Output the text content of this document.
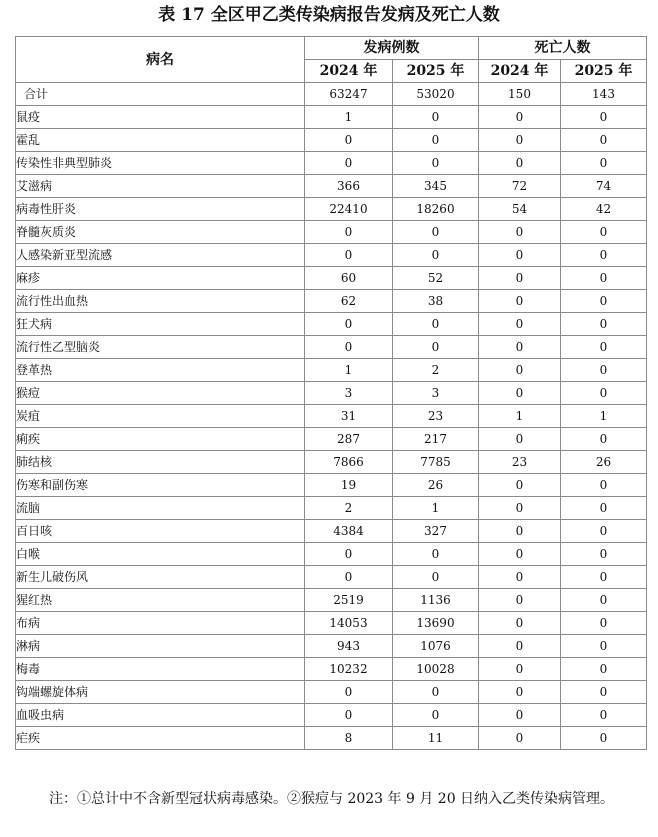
表 17 全区甲乙类传染病报告发病及死亡人数
病名	发病例数		死亡人数	
	2024 年	2025 年	2024 年	2025 年
合计	63247	53020	150	143
鼠疫	1	0	0	0
霍乱	0	0	0	0
传染性非典型肺炎	0	0	0	0
艾滋病	366	345	72	74
病毒性肝炎	22410	18260	54	42
脊髓灰质炎	0	0	0	0
人感染新亚型流感	0	0	0	0
麻疹	60	52	0	0
流行性出血热	62	38	0	0
狂犬病	0	0	0	0
流行性乙型脑炎	0	0	0	0
登革热	1	2	0	0
猴痘	3	3	0	0
炭疽	31	23	1	1
痢疾	287	217	0	0
肺结核	7866	7785	23	26
伤寒和副伤寒	19	26	0	0
流脑	2	1	0	0
百日咳	4384	327	0	0
白喉	0	0	0	0
新生儿破伤风	0	0	0	0
猩红热	2519	1136	0	0
布病	14053	13690	0	0
淋病	943	1076	0	0
梅毒	10232	10028	0	0
钩端螺旋体病	0	0	0	0
血吸虫病	0	0	0	0
疟疾	8	11	0	0
注：①总计中不含新型冠状病毒感染。②猴痘与 2023 年 9 月 20 日纳入乙类传染病管理。
